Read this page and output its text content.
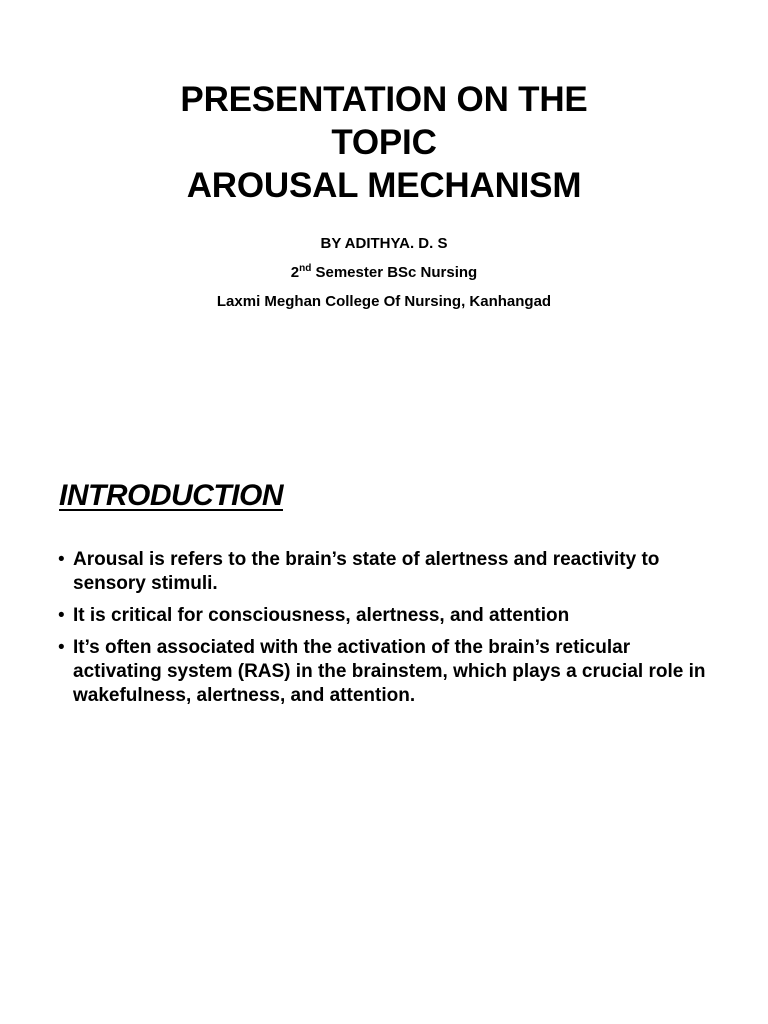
PRESENTATION ON THE
TOPIC
AROUSAL MECHANISM
BY ADITHYA. D. S
2nd Semester BSc Nursing
Laxmi Meghan College Of Nursing, Kanhangad
INTRODUCTION
• Arousal is refers to the brain’s state of alertness and reactivity to sensory stimuli.
• It is critical for consciousness, alertness, and attention
• It’s often associated with the activation of the brain’s reticular activating system (RAS) in the brainstem, which plays a crucial role in wakefulness, alertness, and attention.
